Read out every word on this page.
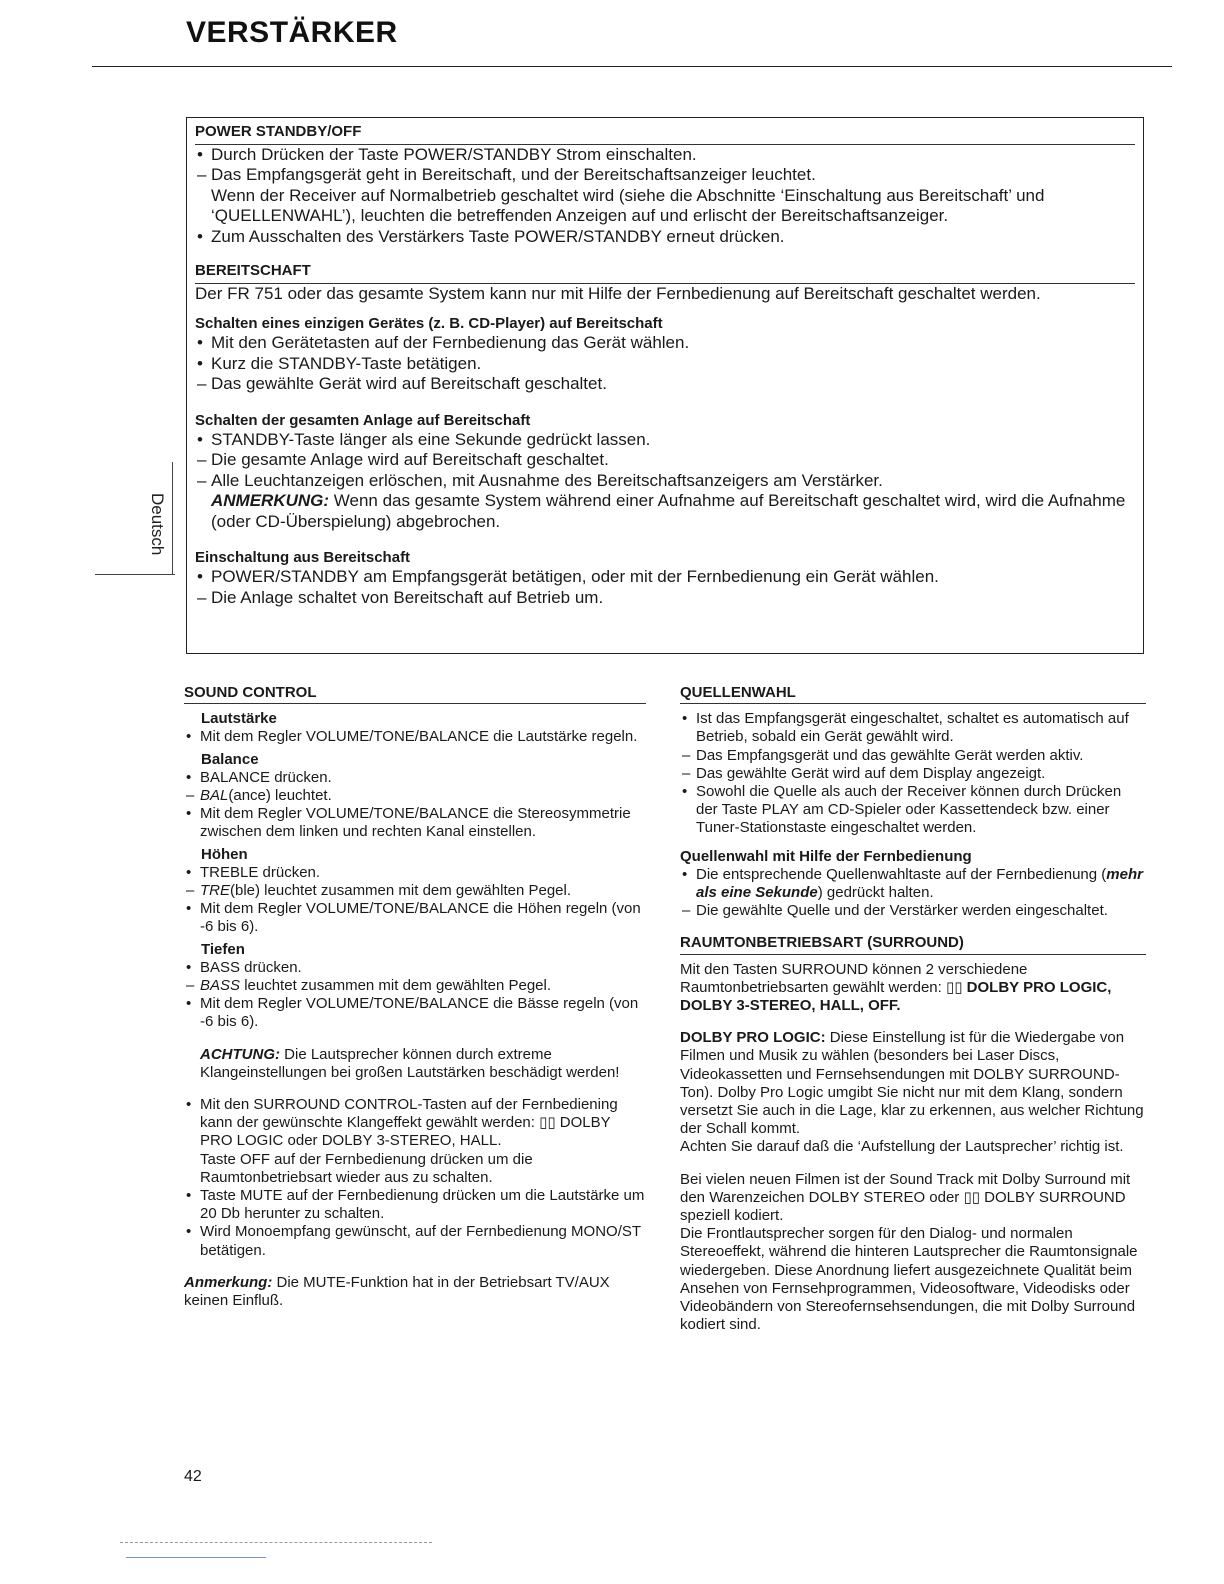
VERSTÄRKER
POWER STANDBY/OFF
• Durch Drücken der Taste POWER/STANDBY Strom einschalten.
– Das Empfangsgerät geht in Bereitschaft, und der Bereitschaftsanzeiger leuchtet.
Wenn der Receiver auf Normalbetrieb geschaltet wird (siehe die Abschnitte ‘Einschaltung aus Bereitschaft’ und ‘QUELLENWAHL’), leuchten die betreffenden Anzeigen auf und erlischt der Bereitschaftsanzeiger.
• Zum Ausschalten des Verstärkers Taste POWER/STANDBY erneut drücken.
BEREITSCHAFT
Der FR 751 oder das gesamte System kann nur mit Hilfe der Fernbedienung auf Bereitschaft geschaltet werden.
Schalten eines einzigen Gerätes (z. B. CD-Player) auf Bereitschaft
• Mit den Gerätetasten auf der Fernbedienung das Gerät wählen.
• Kurz die STANDBY-Taste betätigen.
– Das gewählte Gerät wird auf Bereitschaft geschaltet.
Schalten der gesamten Anlage auf Bereitschaft
• STANDBY-Taste länger als eine Sekunde gedrückt lassen.
– Die gesamte Anlage wird auf Bereitschaft geschaltet.
– Alle Leuchtanzeigen erlöschen, mit Ausnahme des Bereitschaftsanzeigers am Verstärker.
ANMERKUNG: Wenn das gesamte System während einer Aufnahme auf Bereitschaft geschaltet wird, wird die Aufnahme (oder CD-Überspielung) abgebrochen.
Einschaltung aus Bereitschaft
• POWER/STANDBY am Empfangsgerät betätigen, oder mit der Fernbedienung ein Gerät wählen.
– Die Anlage schaltet von Bereitschaft auf Betrieb um.
Deutsch
SOUND CONTROL
Lautstärke
• Mit dem Regler VOLUME/TONE/BALANCE die Lautstärke regeln.
Balance
• BALANCE drücken.
– BAL(ance) leuchtet.
• Mit dem Regler VOLUME/TONE/BALANCE die Stereosymmetrie zwischen dem linken und rechten Kanal einstellen.
Höhen
• TREBLE drücken.
– TRE(ble) leuchtet zusammen mit dem gewählten Pegel.
• Mit dem Regler VOLUME/TONE/BALANCE die Höhen regeln (von -6 bis 6).
Tiefen
• BASS drücken.
– BASS leuchtet zusammen mit dem gewählten Pegel.
• Mit dem Regler VOLUME/TONE/BALANCE die Bässe regeln (von -6 bis 6).
ACHTUNG: Die Lautsprecher können durch extreme Klangeinstellungen bei großen Lautstärken beschädigt werden!
• Mit den SURROUND CONTROL-Tasten auf der Fernbediening kann der gewünschte Klangeffekt gewählt werden: ▯▯ DOLBY PRO LOGIC oder DOLBY 3-STEREO, HALL.
Taste OFF auf der Fernbedienung drücken um die Raumtonbetriebsart wieder aus zu schalten.
• Taste MUTE auf der Fernbedienung drücken um die Lautstärke um 20 Db herunter zu schalten.
• Wird Monoempfang gewünscht, auf der Fernbedienung MONO/ST betätigen.
Anmerkung: Die MUTE-Funktion hat in der Betriebsart TV/AUX keinen Einfluß.
QUELLENWAHL
• Ist das Empfangsgerät eingeschaltet, schaltet es automatisch auf Betrieb, sobald ein Gerät gewählt wird.
– Das Empfangsgerät und das gewählte Gerät werden aktiv.
– Das gewählte Gerät wird auf dem Display angezeigt.
• Sowohl die Quelle als auch der Receiver können durch Drücken der Taste PLAY am CD-Spieler oder Kassettendeck bzw. einer Tuner-Stationstaste eingeschaltet werden.
Quellenwahl mit Hilfe der Fernbedienung
• Die entsprechende Quellenwahltaste auf der Fernbedienung (mehr als eine Sekunde) gedrückt halten.
– Die gewählte Quelle und der Verstärker werden eingeschaltet.
RAUMTONBETRIEBSART (SURROUND)
Mit den Tasten SURROUND können 2 verschiedene Raumtonbetriebsarten gewählt werden: ▯▯ DOLBY PRO LOGIC, DOLBY 3-STEREO, HALL, OFF.
DOLBY PRO LOGIC: Diese Einstellung ist für die Wiedergabe von Filmen und Musik zu wählen (besonders bei Laser Discs, Videokassetten und Fernsehsendungen mit DOLBY SURROUND-Ton). Dolby Pro Logic umgibt Sie nicht nur mit dem Klang, sondern versetzt Sie auch in die Lage, klar zu erkennen, aus welcher Richtung der Schall kommt.
Achten Sie darauf daß die ‘Aufstellung der Lautsprecher’ richtig ist.
Bei vielen neuen Filmen ist der Sound Track mit Dolby Surround mit den Warenzeichen DOLBY STEREO oder ▯▯ DOLBY SURROUND speziell kodiert.
Die Frontlautsprecher sorgen für den Dialog- und normalen Stereoeffekt, während die hinteren Lautsprecher die Raumtonsignale wiedergeben. Diese Anordnung liefert ausgezeichnete Qualität beim Ansehen von Fernsehprogrammen, Videosoftware, Videodisks oder Videobändern von Stereofernsehsendungen, die mit Dolby Surround kodiert sind.
42
